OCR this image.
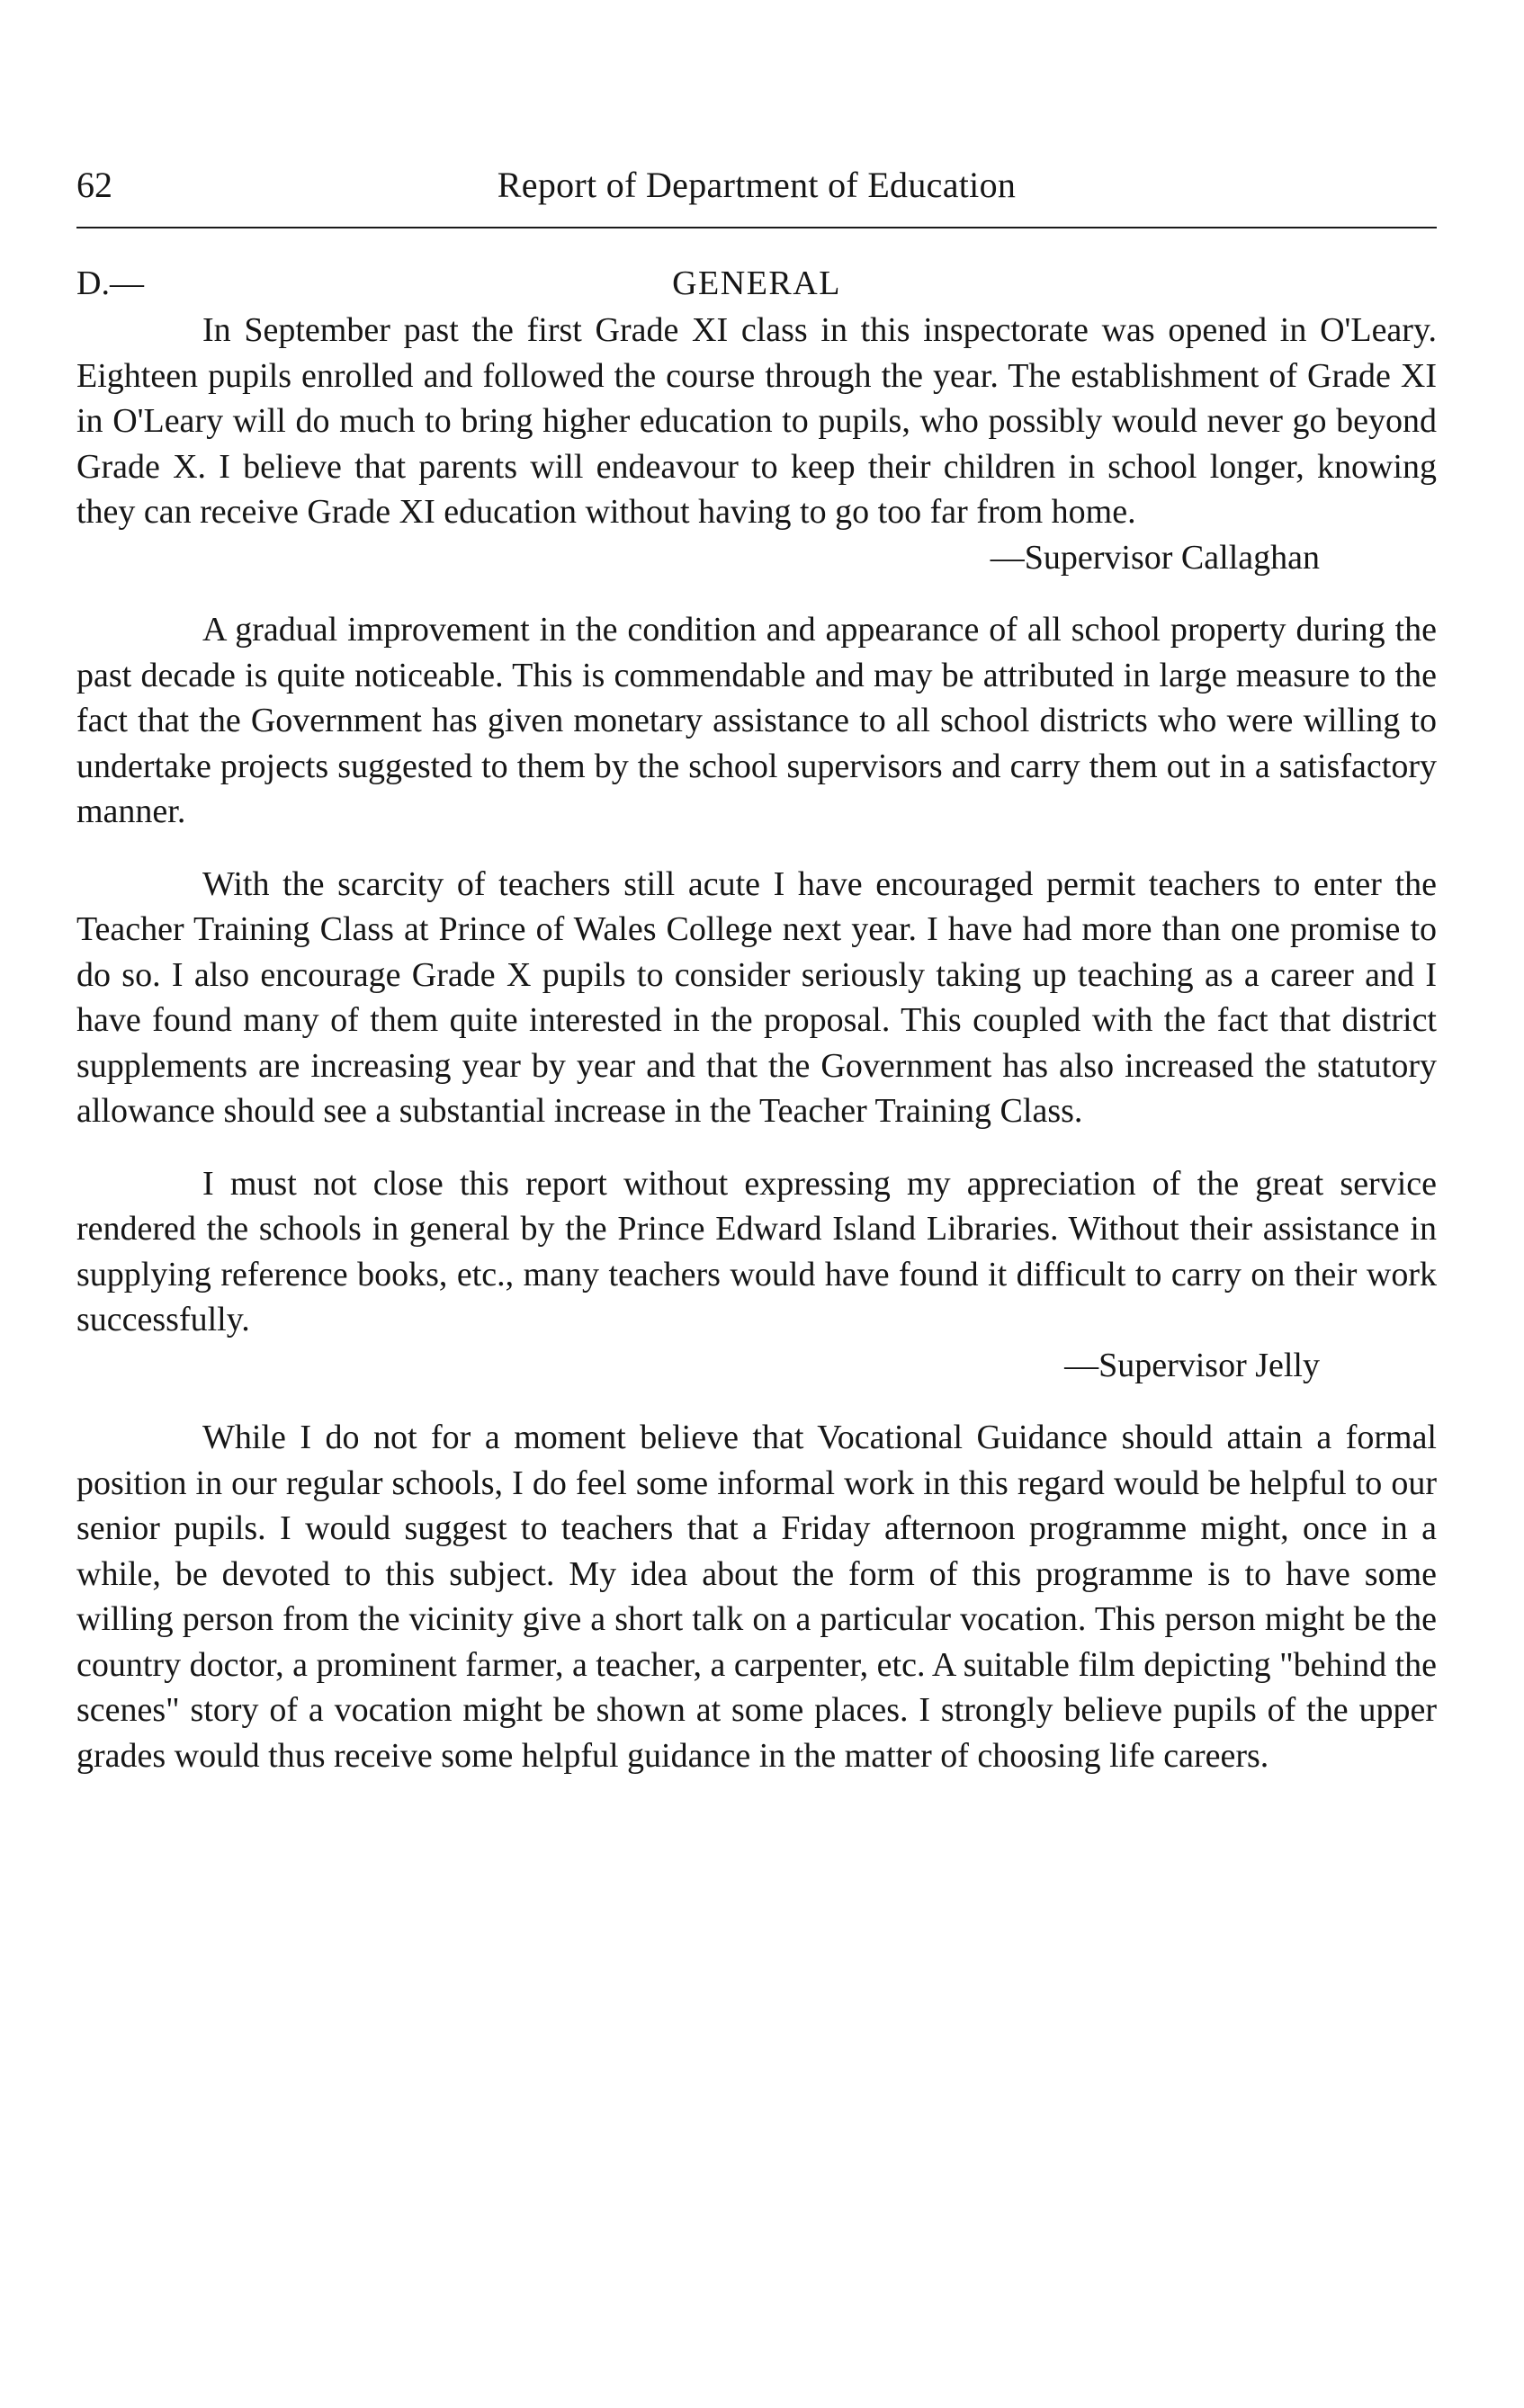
62	Report of Department of Education
D.—	GENERAL

In September past the first Grade XI class in this inspectorate was opened in O'Leary. Eighteen pupils enrolled and followed the course through the year. The establishment of Grade XI in O'Leary will do much to bring higher education to pupils, who possibly would never go beyond Grade X. I believe that parents will endeavour to keep their children in school longer, knowing they can receive Grade XI education without having to go too far from home.

—Supervisor Callaghan

A gradual improvement in the condition and appearance of all school property during the past decade is quite noticeable. This is commendable and may be attributed in large measure to the fact that the Government has given monetary assistance to all school districts who were willing to undertake projects suggested to them by the school supervisors and carry them out in a satisfactory manner.

With the scarcity of teachers still acute I have encouraged permit teachers to enter the Teacher Training Class at Prince of Wales College next year. I have had more than one promise to do so. I also encourage Grade X pupils to consider seriously taking up teaching as a career and I have found many of them quite interested in the proposal. This coupled with the fact that district supplements are increasing year by year and that the Government has also increased the statutory allowance should see a substantial increase in the Teacher Training Class.

I must not close this report without expressing my appreciation of the great service rendered the schools in general by the Prince Edward Island Libraries. Without their assistance in supplying reference books, etc., many teachers would have found it difficult to carry on their work successfully.

—Supervisor Jelly

While I do not for a moment believe that Vocational Guidance should attain a formal position in our regular schools, I do feel some informal work in this regard would be helpful to our senior pupils. I would suggest to teachers that a Friday afternoon programme might, once in a while, be devoted to this subject. My idea about the form of this programme is to have some willing person from the vicinity give a short talk on a particular vocation. This person might be the country doctor, a prominent farmer, a teacher, a carpenter, etc. A suitable film depicting "behind the scenes" story of a vocation might be shown at some places. I strongly believe pupils of the upper grades would thus receive some helpful guidance in the matter of choosing life careers.
